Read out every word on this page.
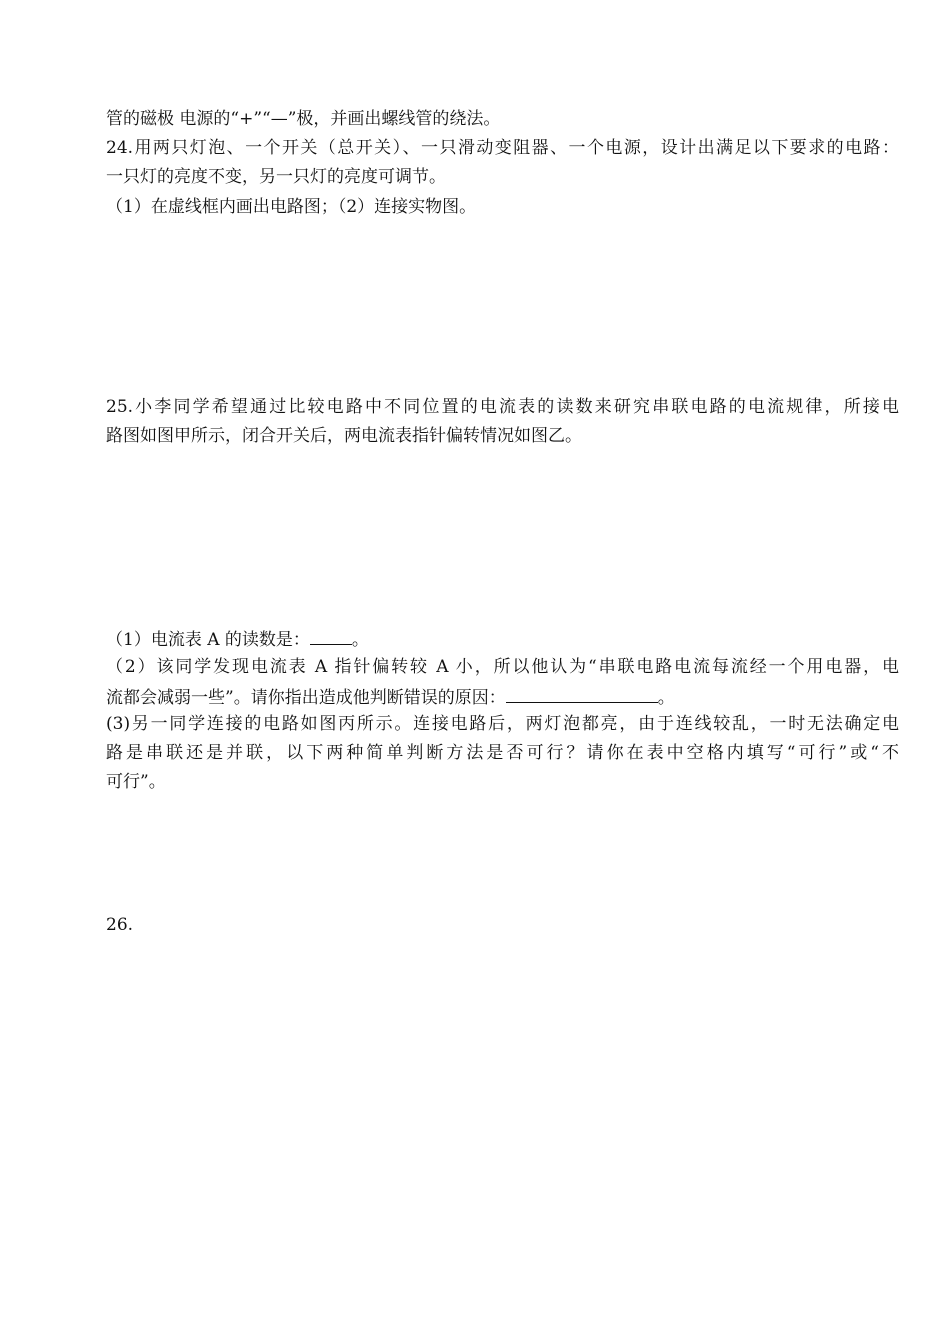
管的磁极 电源的“+”“—”极，并画出螺线管的绕法。
24.用两只灯泡、一个开关（总开关）、一只滑动变阻器、一个电源，设计出满足以下要求的电路：
一只灯的亮度不变，另一只灯的亮度可调节。
（1）在虚线框内画出电路图；（2）连接实物图。
25.小李同学希望通过比较电路中不同位置的电流表的读数来研究串联电路的电流规律，所接电
路图如图甲所示，闭合开关后，两电流表指针偏转情况如图乙。
（1）电流表 A 的读数是： 。
（2）该同学发现电流表 A 指针偏转较 A 小，所以他认为“串联电路电流每流经一个用电器，电
流都会减弱一些”。请你指出造成他判断错误的原因：	。
(3)另一同学连接的电路如图丙所示。连接电路后，两灯泡都亮，由于连线较乱，一时无法确定电
路是串联还是并联，以下两种简单判断方法是否可行？请你在表中空格内填写“可行”或“不
可行”。
26.
